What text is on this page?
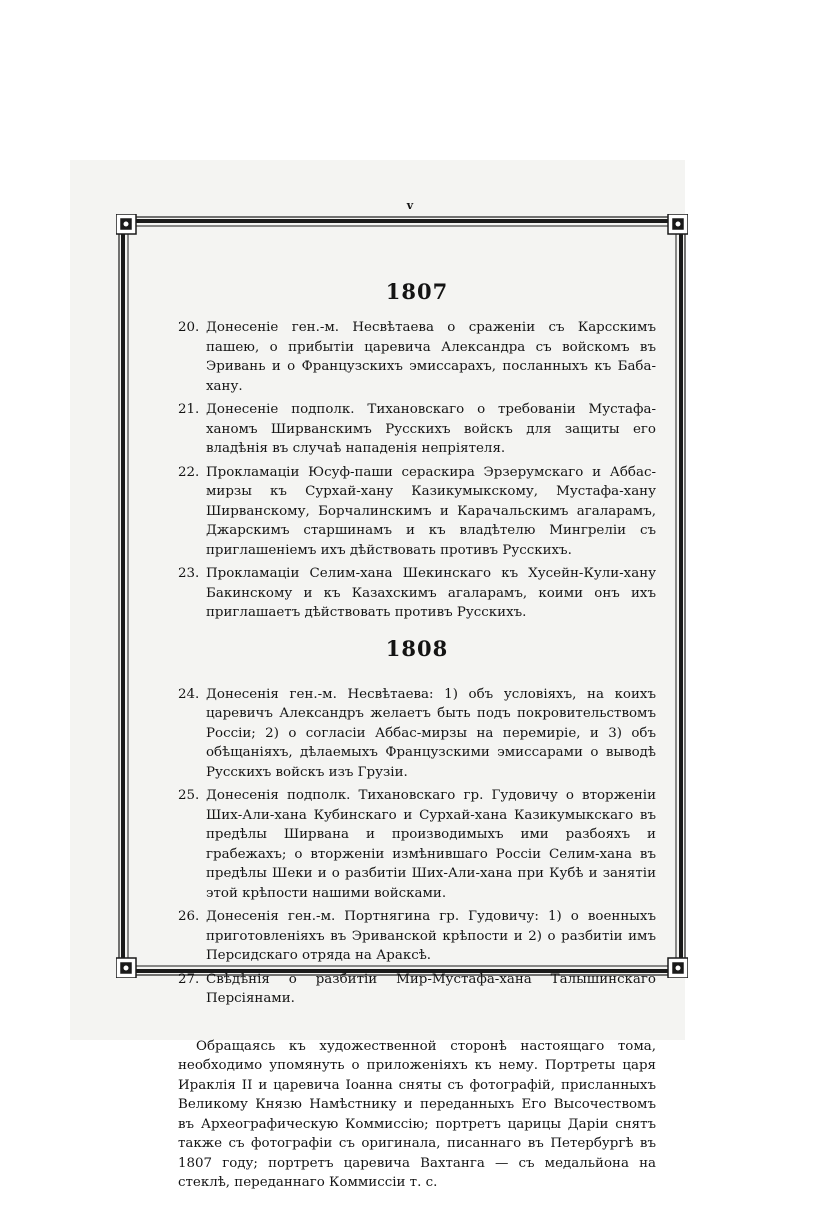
v
1807
20. Донесеніе ген.-м. Несвѣтаева о сраженіи съ Карсскимъ пашею, о прибытіи царевича Александра съ войскомъ въ Эривань и о Французскихъ эмиссарахъ, посланныхъ къ Баба-хану.
21. Донесеніе подполк. Тихановскаго о требованіи Мустафа-ханомъ Ширванскимъ Русскихъ войскъ для защиты его владѣнія въ случаѣ нападенія непріятеля.
22. Прокламаціи Юсуф-паши сераскира Эрзерумскаго и Аббас-мирзы къ Сурхай-хану Казикумыкскому, Мустафа-хану Ширванскому, Борчалинскимъ и Карачальскимъ агаларамъ, Джарскимъ старшинамъ и къ владѣтелю Мингреліи съ приглашеніемъ ихъ дѣйствовать противъ Русскихъ.
23. Прокламаціи Селим-хана Шекинскаго къ Хусейн-Кули-хану Бакинскому и къ Казахскимъ агаларамъ, коими онъ ихъ приглашаетъ дѣйствовать противъ Русскихъ.
1808
24. Донесенія ген.-м. Несвѣтаева: 1) объ условіяхъ, на коихъ царевичъ Александръ желаетъ быть подъ покровительствомъ Россіи; 2) о согласіи Аббас-мирзы на перемиріе, и 3) объ обѣщаніяхъ, дѣлаемыхъ Французскими эмиссарами о выводѣ Русскихъ войскъ изъ Грузіи.
25. Донесенія подполк. Тихановскаго гр. Гудовичу о вторженіи Ших-Али-хана Кубинскаго и Сурхай-хана Казикумыкскаго въ предѣлы Ширвана и производимыхъ ими разбояхъ и грабежахъ; о вторженіи измѣнившаго Россіи Селим-хана въ предѣлы Шеки и о разбитіи Ших-Али-хана при Кубѣ и занятіи этой крѣпости нашими войсками.
26. Донесенія ген.-м. Портнягина гр. Гудовичу: 1) о военныхъ приготовленіяхъ въ Эриванской крѣпости и 2) о разбитіи имъ Персидскаго отряда на Араксѣ.
27. Свѣдѣнія о разбитіи Мир-Мустафа-хана Талышинскаго Персіянами.

Обращаясь къ художественной сторонѣ настоящаго тома, необходимо упомянуть о приложеніяхъ къ нему. Портреты царя Ираклія II и царевича Іоанна сняты съ фотографій, присланныхъ Великому Князю Намѣстнику и переданныхъ Его Высочествомъ въ Археографическую Коммиссію; портретъ царицы Даріи снятъ также съ фотографіи съ оригинала, писаннаго въ Петербургѣ въ 1807 году; портретъ царевича Вахтанга — съ медальйона на стеклѣ, переданнаго Коммиссіи т. с.
